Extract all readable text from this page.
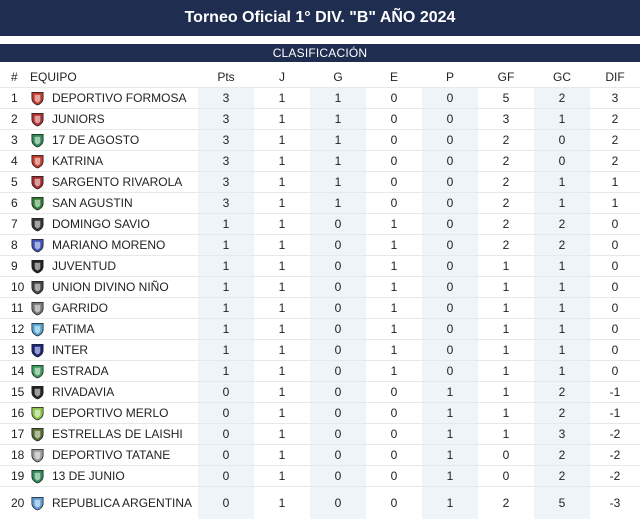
Torneo Oficial 1° DIV. "B" AÑO 2024
CLASIFICACIÓN
#	EQUIPO	Pts	J	G	E	P	GF	GC	DIF
1	DEPORTIVO FORMOSA	3	1	1	0	0	5	2	3
2	JUNIORS	3	1	1	0	0	3	1	2
3	17 DE AGOSTO	3	1	1	0	0	2	0	2
4	KATRINA	3	1	1	0	0	2	0	2
5	SARGENTO RIVAROLA	3	1	1	0	0	2	1	1
6	SAN AGUSTIN	3	1	1	0	0	2	1	1
7	DOMINGO SAVIO	1	1	0	1	0	2	2	0
8	MARIANO MORENO	1	1	0	1	0	2	2	0
9	JUVENTUD	1	1	0	1	0	1	1	0
10	UNION DIVINO NIÑO	1	1	0	1	0	1	1	0
11	GARRIDO	1	1	0	1	0	1	1	0
12	FATIMA	1	1	0	1	0	1	1	0
13	INTER	1	1	0	1	0	1	1	0
14	ESTRADA	1	1	0	1	0	1	1	0
15	RIVADAVIA	0	1	0	0	1	1	2	-1
16	DEPORTIVO MERLO	0	1	0	0	1	1	2	-1
17	ESTRELLAS DE LAISHI	0	1	0	0	1	1	3	-2
18	DEPORTIVO TATANE	0	1	0	0	1	0	2	-2
19	13 DE JUNIO	0	1	0	0	1	0	2	-2
20	REPUBLICA ARGENTINA	0	1	0	0	1	2	5	-3
